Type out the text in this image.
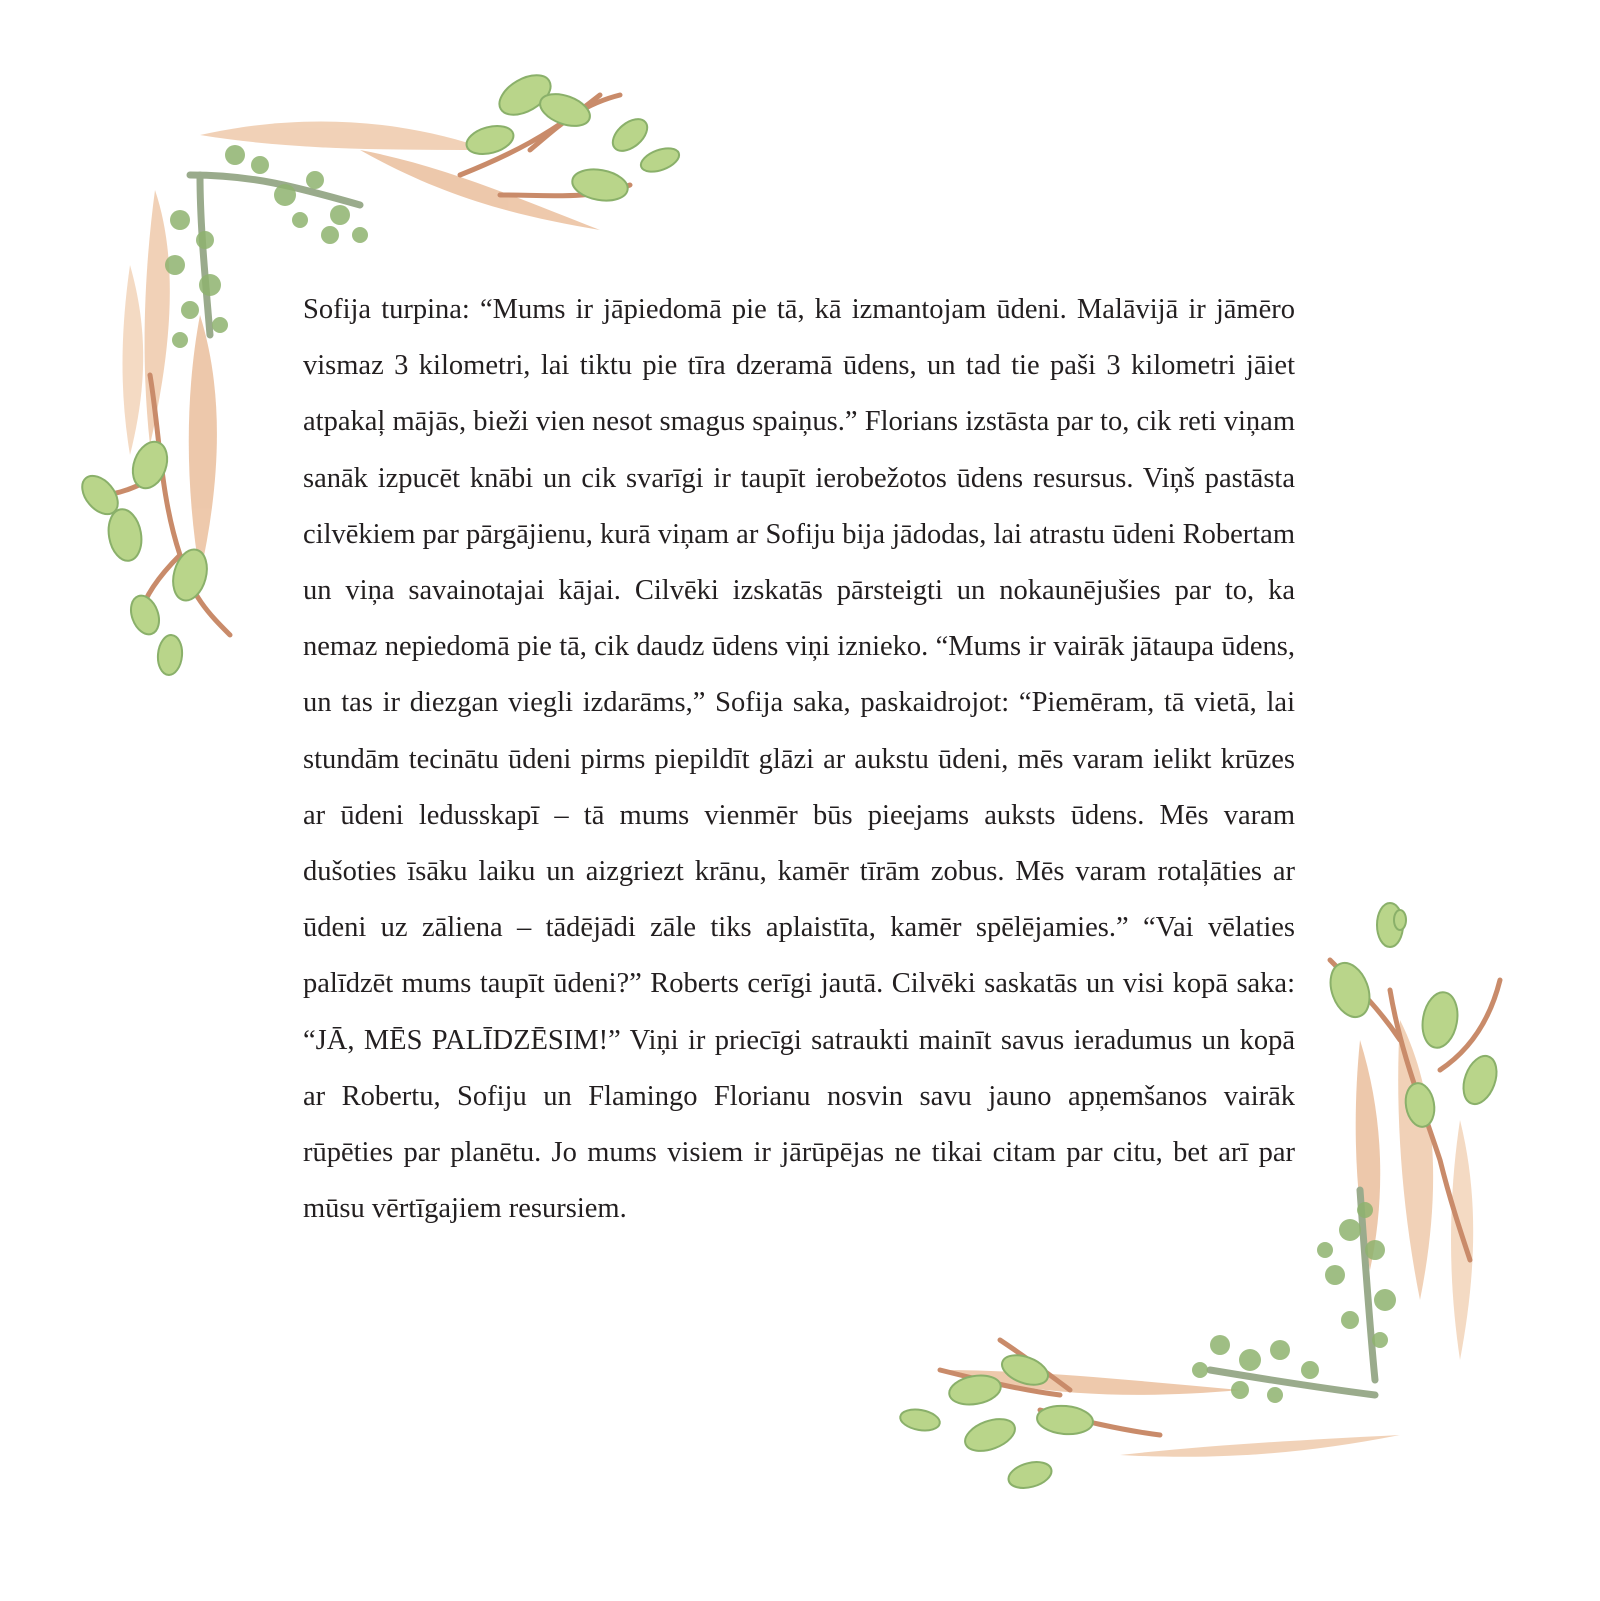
Sofija turpina: “Mums ir jāpiedomā pie tā, kā izmantojam ūdeni. Malāvijā ir jāmēro vismaz 3 kilometri, lai tiktu pie tīra dzeramā ūdens, un tad tie paši 3 kilometri jāiet atpakaļ mājās, bieži vien nesot smagus spaiņus.” Florians izstāsta par to, cik reti viņam sanāk izpucēt knābi un cik svarīgi ir taupīt ierobežotos ūdens resursus. Viņš pastāsta cilvēkiem par pārgājienu, kurā viņam ar Sofiju bija jādodas, lai atrastu ūdeni Robertam un viņa savainotajai kājai. Cilvēki izskatās pārsteigti un nokaunējušies par to, ka nemaz nepiedomā pie tā, cik daudz ūdens viņi iznieko. “Mums ir vairāk jātaupa ūdens, un tas ir diezgan viegli izdarāms,” Sofija saka, paskaidrojot: “Piemēram, tā vietā, lai stundām tecinātu ūdeni pirms piepildīt glāzi ar aukstu ūdeni, mēs varam ielikt krūzes ar ūdeni ledusskapī – tā mums vienmēr būs pieejams auksts ūdens. Mēs varam dušoties īsāku laiku un aizgriezt krānu, kamēr tīrām zobus. Mēs varam rotaļāties ar ūdeni uz zāliena – tādējādi zāle tiks aplaistīta, kamēr spēlējamies.” “Vai vēlaties palīdzēt mums taupīt ūdeni?” Roberts cerīgi jautā. Cilvēki saskatās un visi kopā saka: “JĀ, MĒS PALĪDZĒSIM!” Viņi ir priecīgi satraukti mainīt savus ieradumus un kopā ar Robertu, Sofiju un Flamingo Florianu nosvin savu jauno apņemšanos vairāk rūpēties par planētu. Jo mums visiem ir jārūpējas ne tikai citam par citu, bet arī par mūsu vērtīgajiem resursiem.
